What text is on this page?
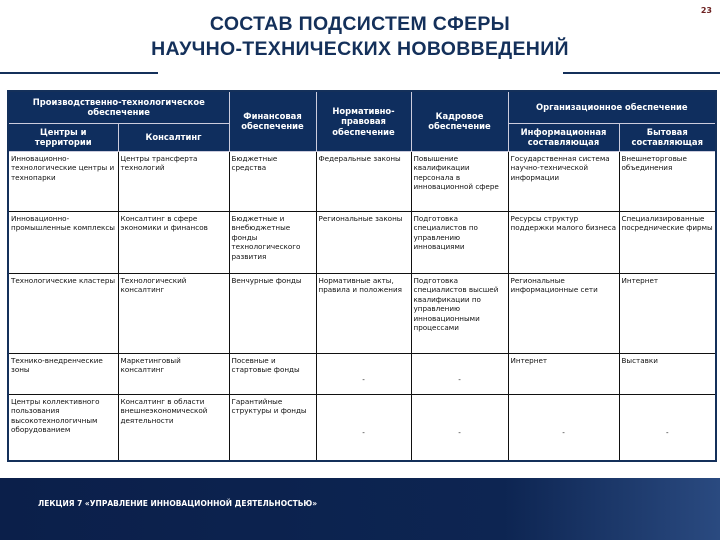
23
СОСТАВ ПОДСИСТЕМ СФЕРЫ
НАУЧНО-ТЕХНИЧЕСКИХ НОВОВВЕДЕНИЙ
Производственно-технологическое обеспечение		Финансовая обеспечение	Нормативно-правовая обеспечение	Кадровое обеспечение	Организационное обеспечение	
Центры и территории	Консалтинг				Информационная составляющая	Бытовая составляющая
Инновационно-технологические центры и технопарки	Центры трансферта технологий	Бюджетные средства	Федеральные законы	Повышение квалификации персонала в инновационной сфере	Государственная система научно-технической информации	Внешнеторговые объединения
Инновационно-промышленные комплексы	Консалтинг в сфере экономики и финансов	Бюджетные и внебюджетные фонды технологического развития	Региональные законы	Подготовка специалистов по управлению инновациями	Ресурсы структур поддержки малого бизнеса	Специализированные посреднические фирмы
Технологические кластеры	Технологический консалтинг	Венчурные фонды	Нормативные акты, правила и положения	Подготовка специалистов высшей квалификации по управлению инновационными процессами	Региональные информационные сети	Интернет
Технико-внедренческие зоны	Маркетинговый консалтинг	Посевные и стартовые фонды	-	-	Интернет	Выставки
Центры коллективного пользования высокотехнологичным оборудованием	Консалтинг в области внешнеэкономической деятельности	Гарантийные структуры и фонды	-	-	-	-
ЛЕКЦИЯ 7 «УПРАВЛЕНИЕ ИННОВАЦИОННОЙ ДЕЯТЕЛЬНОСТЬЮ»
